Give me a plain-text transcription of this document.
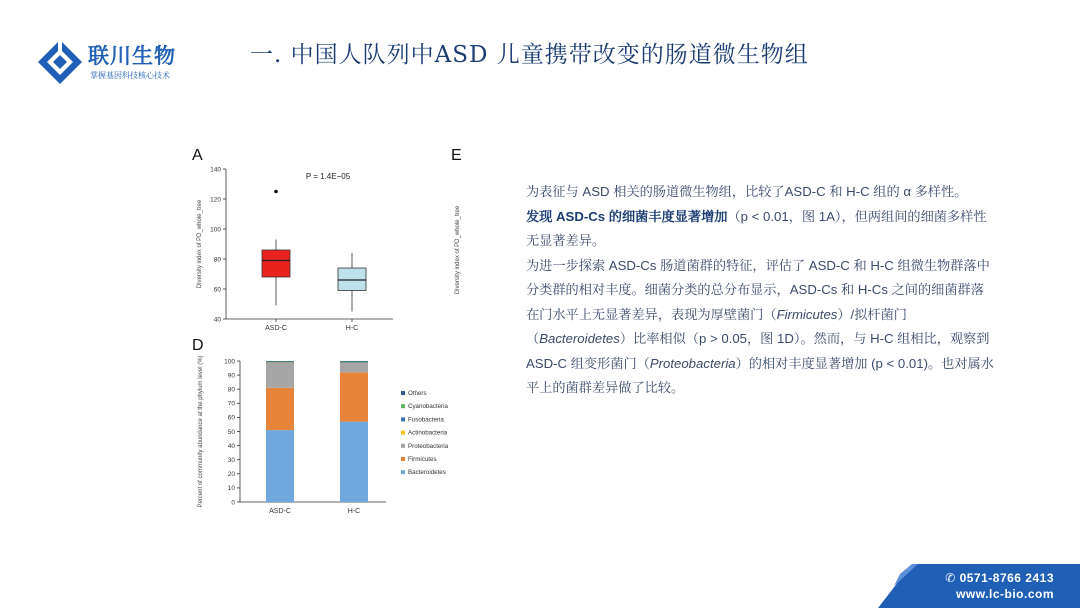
联川生物
掌握基因科技核心技术
一. 中国人队列中ASD 儿童携带改变的肠道微生物组
A	E
D
Diversity index of PD_whole_tree
40
60
80
100
120
140
Diversity index of PD_whole_tree
P = 1.4E−05
ASD-C	H-C
0
10
20
30
40
50
60
70
80
90
100
Percent of community abundance at the phylum level (%)
ASD-C	H-C
Others
Cyanobacteria
Fusobacteria
Actinobacteria
Proteobacteria
Firmicutes
Bacteroidetes

为表征与 ASD 相关的肠道微生物组，比较了ASD-C 和 H-C 组的 α 多样性。
发现 ASD-Cs 的细菌丰度显著增加（p < 0.01，图 1A），但两组间的细菌多样性无显著差异。

为进一步探索 ASD-Cs 肠道菌群的特征，评估了 ASD-C 和 H-C 组微生物群落中分类群的相对丰度。细菌分类的总分布显示，ASD-Cs 和 H-Cs 之间的细菌群落在门水平上无显著差异，表现为厚壁菌门（Firmicutes）/拟杆菌门（Bacteroidetes）比率相似（p > 0.05，图 1D）。然而，与 H-C 组相比，观察到 ASD-C 组变形菌门（Proteobacteria）的相对丰度显著增加 (p < 0.01)。也对属水平上的菌群差异做了比较。

✆ 0571-8766 2413
www.lc-bio.com
